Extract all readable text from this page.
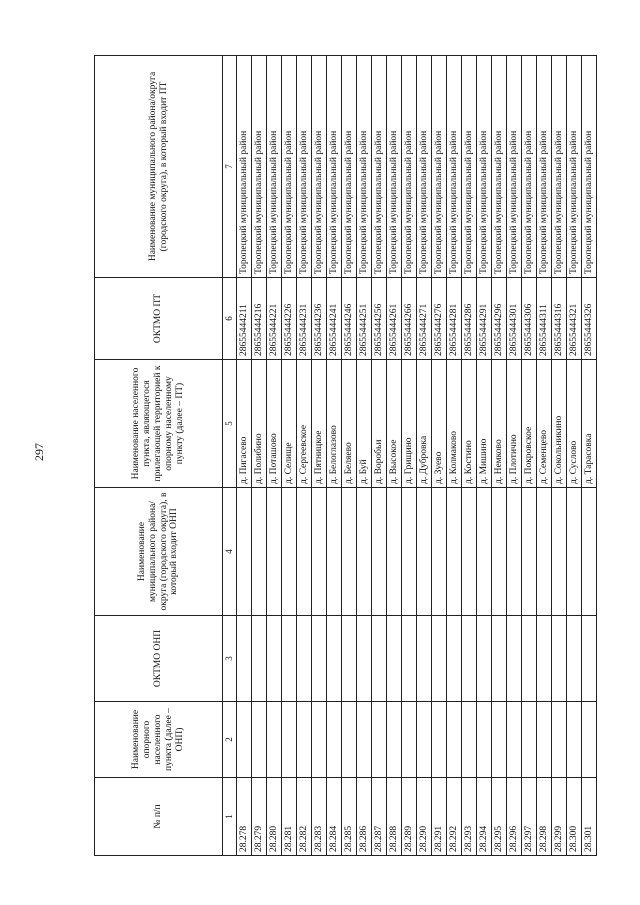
297
№ п/п	Наименование опорного населенного пункта (далее – ОНП)	ОКТМО ОНП	Наименование муниципального района/округа (городского округа), в который входит ОНП	Наименование населенного пункта, являющегося прилегающей территорией к опорному населенному пункту (далее – ПТ)	ОКТМО ПТ	Наименование муниципального района/округа (городского округа), в который входит ПТ
1	2	3	4	5	6	7
28.278				д. Пигасево	28655444211	Торопецкий муниципальный район
28.279				д. Полибино	28655444216	Торопецкий муниципальный район
28.280				д. Поташово	28655444221	Торопецкий муниципальный район
28.281				д. Селище	28655444226	Торопецкий муниципальный район
28.282				д. Сергеевское	28655444231	Торопецкий муниципальный район
28.283				д. Пятницкое	28655444236	Торопецкий муниципальный район
28.284				д. Белоглазово	28655444241	Торопецкий муниципальный район
28.285				д. Беляево	28655444246	Торопецкий муниципальный район
28.286				д. Буй	28655444251	Торопецкий муниципальный район
28.287				д. Воробьи	28655444256	Торопецкий муниципальный район
28.288				д. Высокое	28655444261	Торопецкий муниципальный район
28.289				д. Грищино	28655444266	Торопецкий муниципальный район
28.290				д. Дубровка	28655444271	Торопецкий муниципальный район
28.291				д. Зуево	28655444276	Торопецкий муниципальный район
28.292				д. Колмаково	28655444281	Торопецкий муниципальный район
28.293				д. Костино	28655444286	Торопецкий муниципальный район
28.294				д. Мишино	28655444291	Торопецкий муниципальный район
28.295				д. Немково	28655444296	Торопецкий муниципальный район
28.296				д. Плотично	28655444301	Торопецкий муниципальный район
28.297				д. Покровское	28655444306	Торопецкий муниципальный район
28.298				д. Семенцево	28655444311	Торопецкий муниципальный район
28.299				д. Сокольникино	28655444316	Торопецкий муниципальный район
28.300				д. Суслово	28655444321	Торопецкий муниципальный район
28.301				д. Тарасовка	28655444326	Торопецкий муниципальный район
